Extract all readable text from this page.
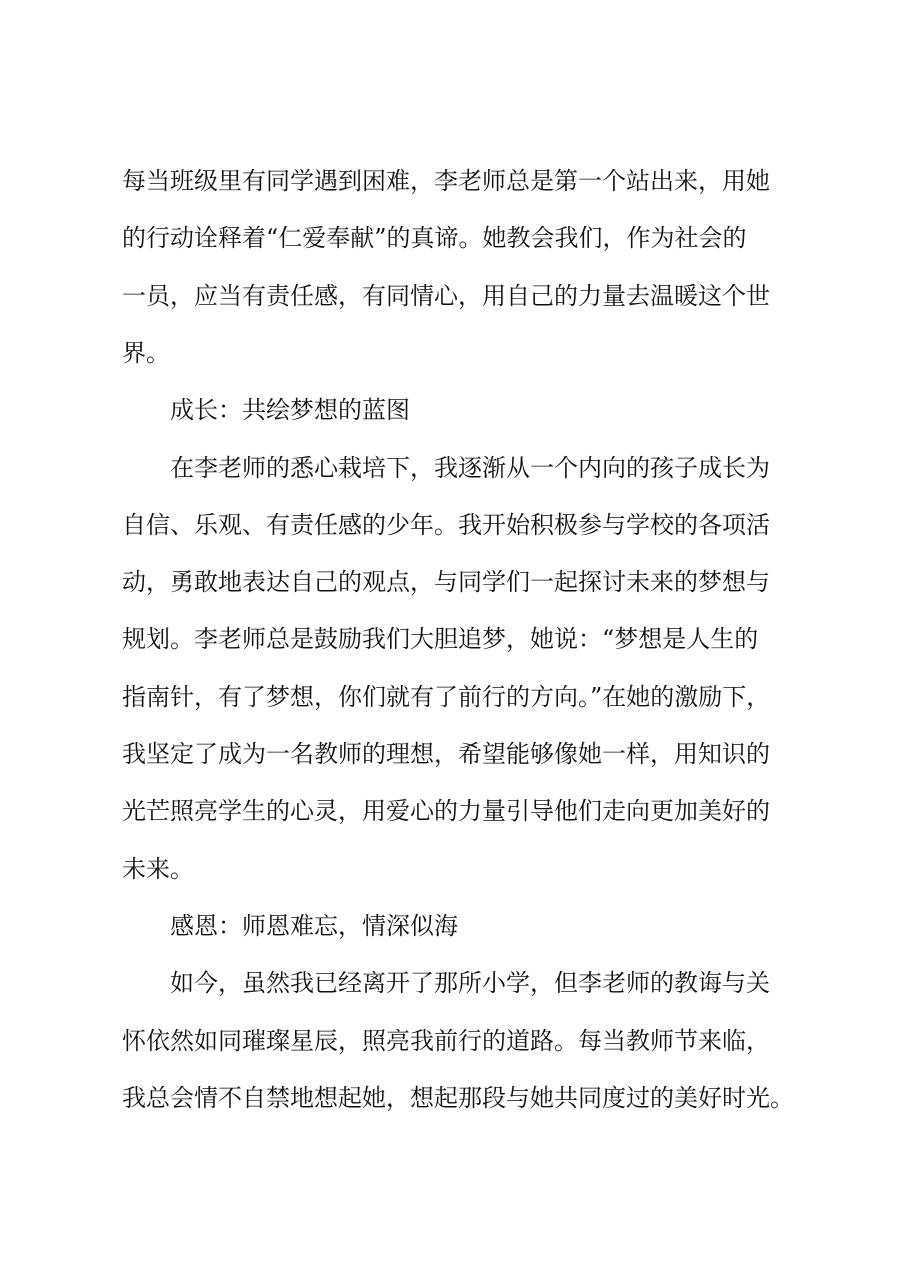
每当班级里有同学遇到困难，李老师总是第一个站出来，用她
的行动诠释着“仁爱奉献”的真谛。她教会我们，作为社会的
一员，应当有责任感，有同情心，用自己的力量去温暖这个世
界。
成长：共绘梦想的蓝图
在李老师的悉心栽培下，我逐渐从一个内向的孩子成长为
自信、乐观、有责任感的少年。我开始积极参与学校的各项活
动，勇敢地表达自己的观点，与同学们一起探讨未来的梦想与
规划。李老师总是鼓励我们大胆追梦，她说：“梦想是人生的
指南针，有了梦想，你们就有了前行的方向。”在她的激励下，
我坚定了成为一名教师的理想，希望能够像她一样，用知识的
光芒照亮学生的心灵，用爱心的力量引导他们走向更加美好的
未来。
感恩：师恩难忘，情深似海
如今，虽然我已经离开了那所小学，但李老师的教诲与关
怀依然如同璀璨星辰，照亮我前行的道路。每当教师节来临，
我总会情不自禁地想起她，想起那段与她共同度过的美好时光。
